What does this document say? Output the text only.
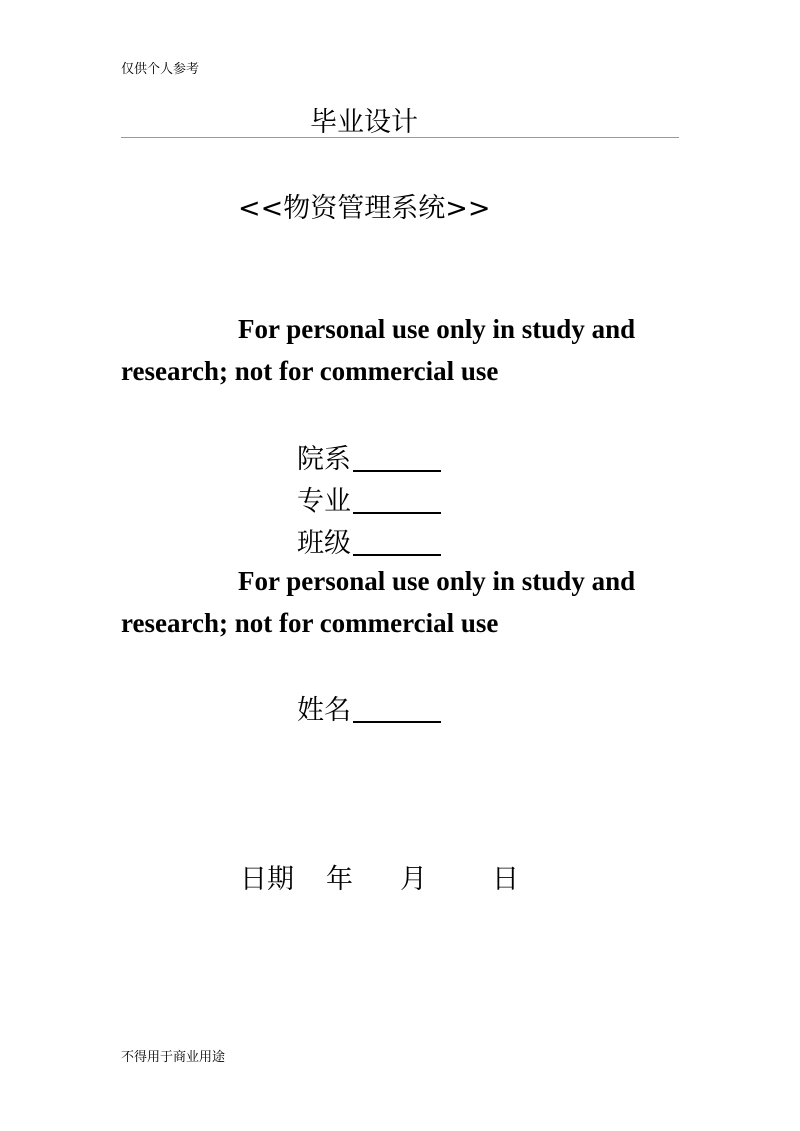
仅供个人参考
毕业设计
<<物资管理系统>>
For personal use only in study and
research; not for commercial use
院系
专业
班级
For personal use only in study and
research; not for commercial use
姓名
日期 年 月 日
不得用于商业用途
